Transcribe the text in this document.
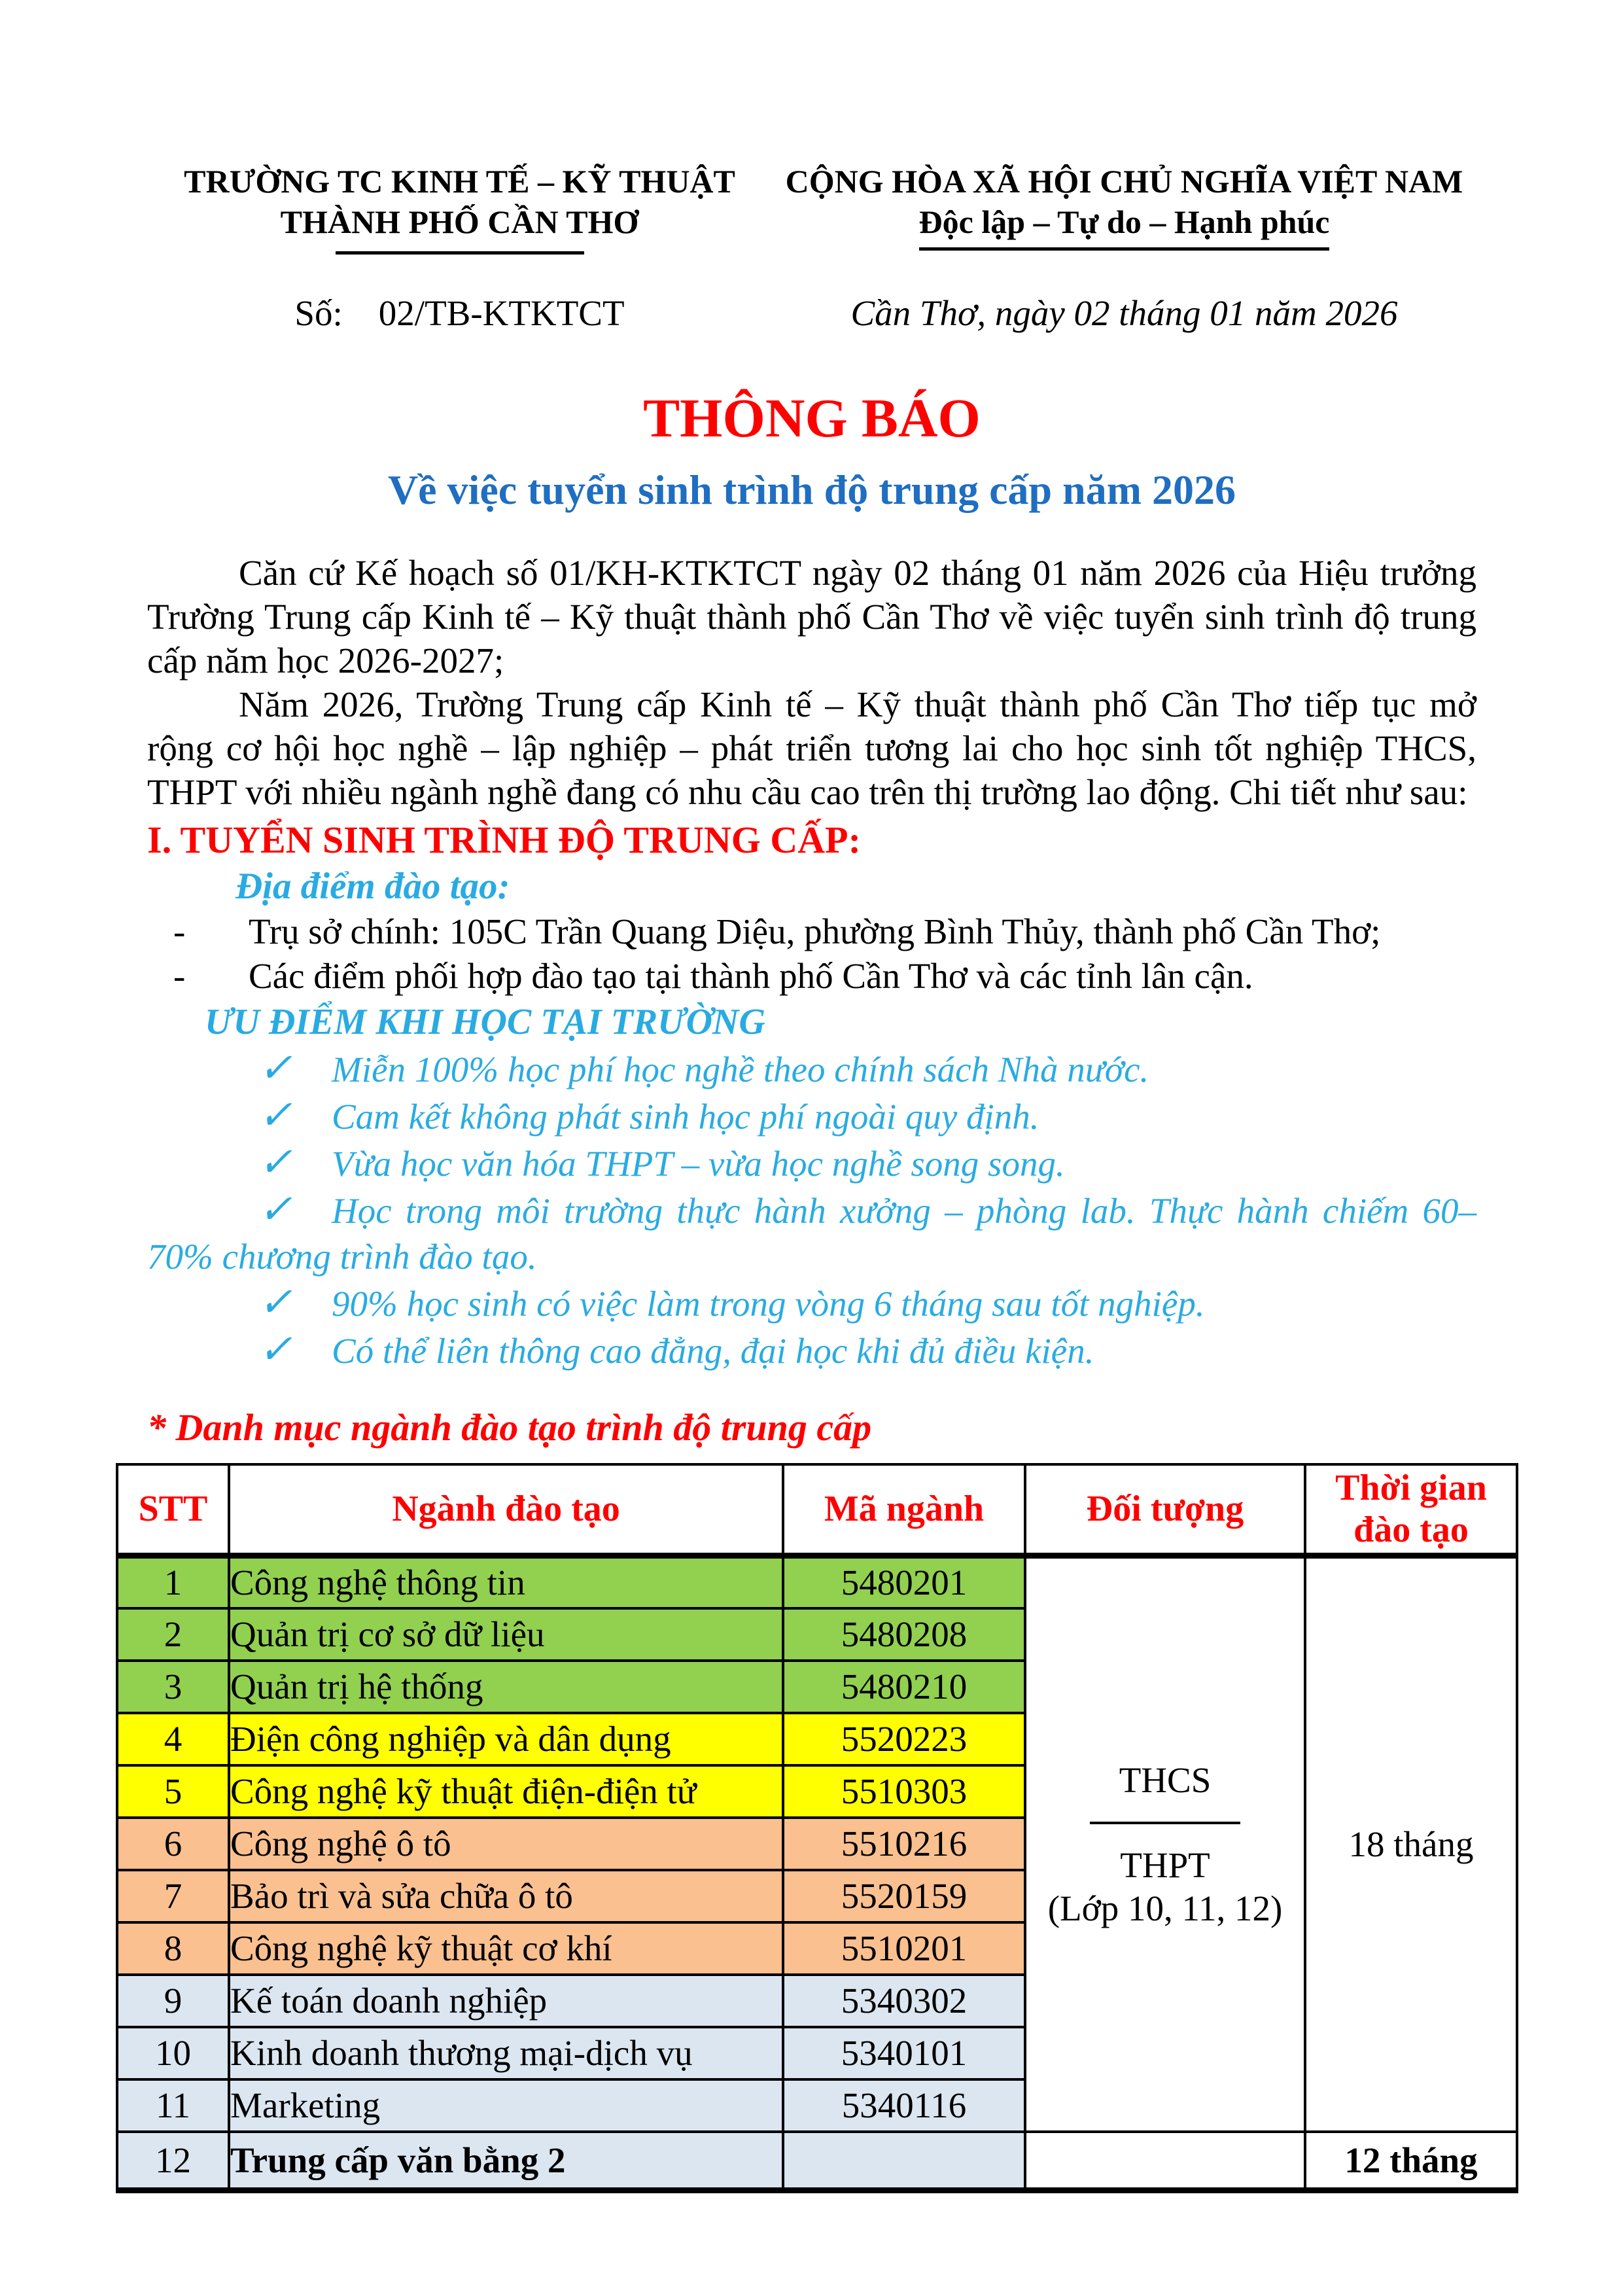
TRƯỜNG TC KINH TẾ – KỸ THUẬT
THÀNH PHỐ CẦN THƠ
CỘNG HÒA XÃ HỘI CHỦ NGHĨA VIỆT NAM
Độc lập – Tự do – Hạnh phúc
Số:    02/TB-KTKTCT	Cần Thơ, ngày 02 tháng 01 năm 2026
THÔNG BÁO
Về việc tuyển sinh trình độ trung cấp năm 2026

Căn cứ Kế hoạch số 01/KH-KTKTCT ngày 02 tháng 01 năm 2026 của Hiệu trưởng Trường Trung cấp Kinh tế – Kỹ thuật thành phố Cần Thơ về việc tuyển sinh trình độ trung cấp năm học 2026-2027;

Năm 2026, Trường Trung cấp Kinh tế – Kỹ thuật thành phố Cần Thơ tiếp tục mở rộng cơ hội học nghề – lập nghiệp – phát triển tương lai cho học sinh tốt nghiệp THCS, THPT với nhiều ngành nghề đang có nhu cầu cao trên thị trường lao động. Chi tiết như sau:

I. TUYỂN SINH TRÌNH ĐỘ TRUNG CẤP:
Địa điểm đào tạo:

- Trụ sở chính: 105C Trần Quang Diệu, phường Bình Thủy, thành phố Cần Thơ;

- Các điểm phối hợp đào tạo tại thành phố Cần Thơ và các tỉnh lân cận.

ƯU ĐIỂM KHI HỌC TẠI TRƯỜNG

✓ Miễn 100% học phí học nghề theo chính sách Nhà nước.

✓ Cam kết không phát sinh học phí ngoài quy định.

✓ Vừa học văn hóa THPT – vừa học nghề song song.

✓ Học trong môi trường thực hành xưởng – phòng lab. Thực hành chiếm 60–70% chương trình đào tạo.

✓ 90% học sinh có việc làm trong vòng 6 tháng sau tốt nghiệp.

✓ Có thể liên thông cao đẳng, đại học khi đủ điều kiện.

* Danh mục ngành đào tạo trình độ trung cấp
STT	Ngành đào tạo	Mã ngành	Đối tượng	Thời gian đào tạo
1	Công nghệ thông tin	5480201	THCS
THPT
(Lớp 10, 11, 12)	18 tháng
2	Quản trị cơ sở dữ liệu	5480208		
3	Quản trị hệ thống	5480210		
4	Điện công nghiệp và dân dụng	5520223		
5	Công nghệ kỹ thuật điện-điện tử	5510303		
6	Công nghệ ô tô	5510216		
7	Bảo trì và sửa chữa ô tô	5520159		
8	Công nghệ kỹ thuật cơ khí	5510201		
9	Kế toán doanh nghiệp	5340302		
10	Kinh doanh thương mại-dịch vụ	5340101		
11	Marketing	5340116		
12	Trung cấp văn bằng 2			12 tháng
